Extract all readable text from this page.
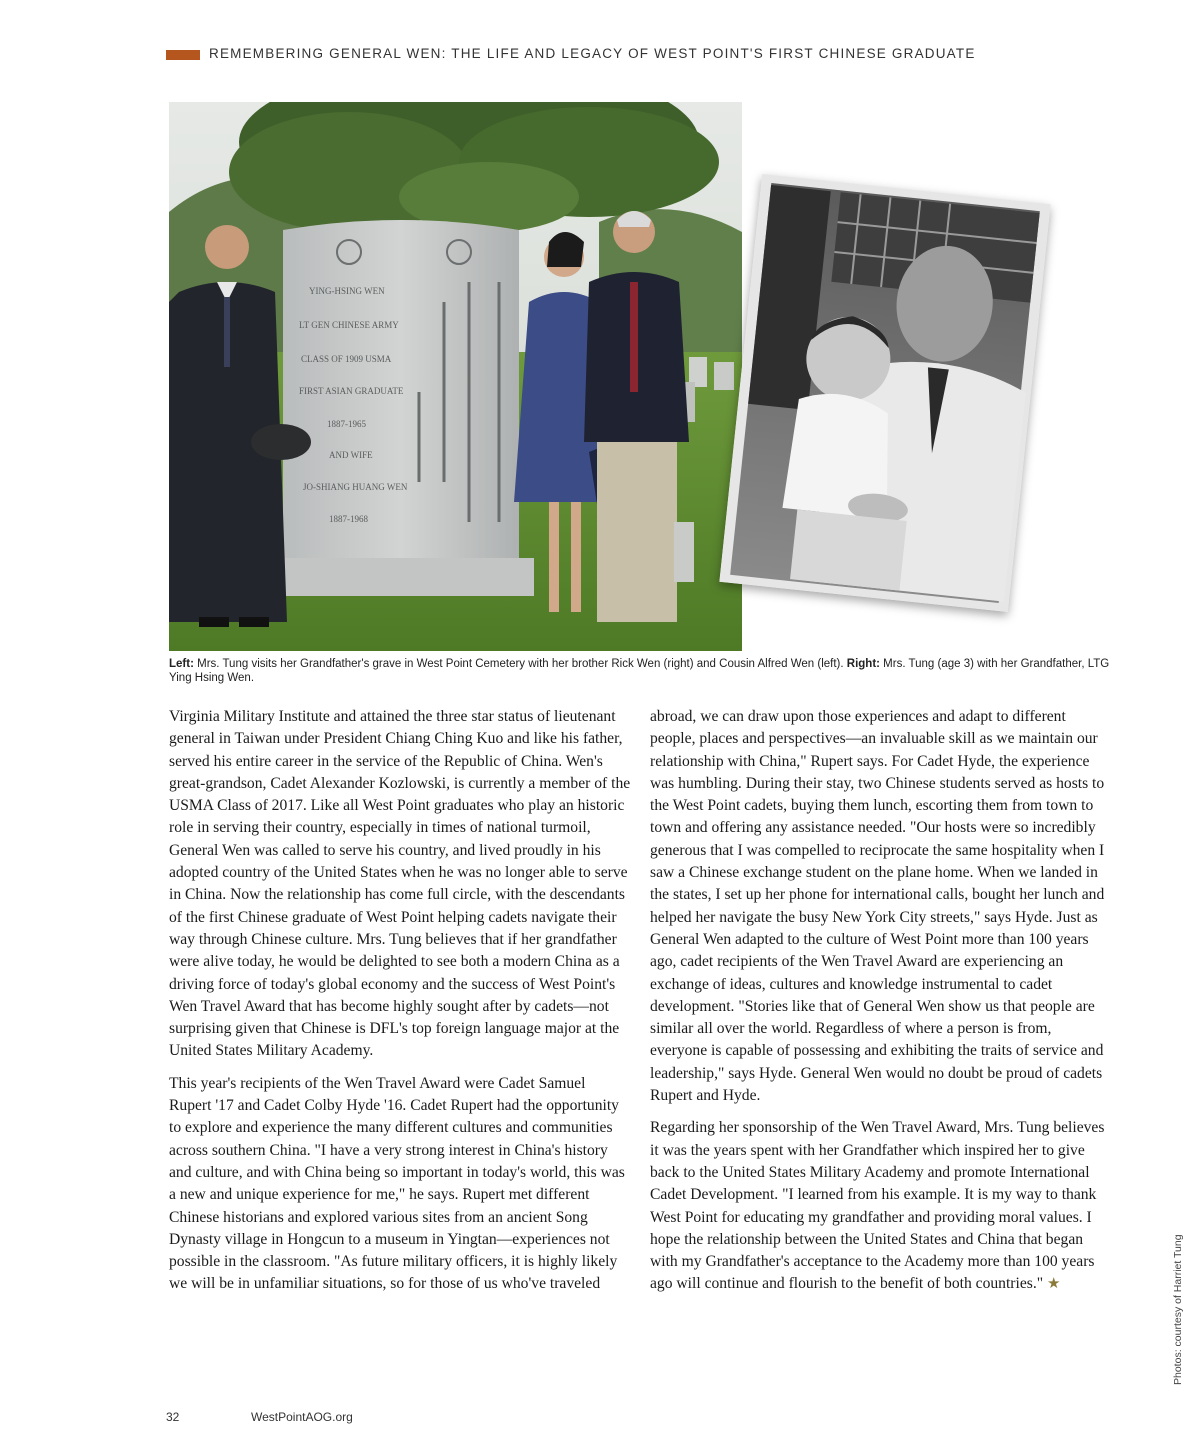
REMEMBERING GENERAL WEN: THE LIFE AND LEGACY OF WEST POINT'S FIRST CHINESE GRADUATE
YING-HSING WEN
LT GEN CHINESE ARMY
CLASS OF 1909 USMA
FIRST ASIAN GRADUATE
1887-1965
AND WIFE
JO-SHIANG HUANG WEN
1887-1968
Left: Mrs. Tung visits her Grandfather's grave in West Point Cemetery with her brother Rick Wen (right) and Cousin Alfred Wen (left). Right: Mrs. Tung (age 3) with her Grandfather, LTG Ying Hsing Wen.

Virginia Military Institute and attained the three star status of lieutenant general in Taiwan under President Chiang Ching Kuo and like his father, served his entire career in the service of the Republic of China. Wen's great-grandson, Cadet Alexander Kozlowski, is currently a member of the USMA Class of 2017. Like all West Point graduates who play an historic role in serving their country, especially in times of national turmoil, General Wen was called to serve his country, and lived proudly in his adopted country of the United States when he was no longer able to serve in China. Now the relationship has come full circle, with the descendants of the first Chinese graduate of West Point helping cadets navigate their way through Chinese culture. Mrs. Tung believes that if her grandfather were alive today, he would be delighted to see both a modern China as a driving force of today's global economy and the success of West Point's Wen Travel Award that has become highly sought after by cadets—not surprising given that Chinese is DFL's top foreign language major at the United States Military Academy.

This year's recipients of the Wen Travel Award were Cadet Samuel Rupert '17 and Cadet Colby Hyde '16. Cadet Rupert had the opportunity to explore and experience the many different cultures and communities across southern China. "I have a very strong interest in China's history and culture, and with China being so important in today's world, this was a new and unique experience for me," he says. Rupert met different Chinese historians and explored various sites from an ancient Song Dynasty village in Hongcun to a museum in Yingtan—experiences not possible in the classroom. "As future military officers, it is highly likely we will be in unfamiliar situations, so for those of us who've traveled

abroad, we can draw upon those experiences and adapt to different people, places and perspectives—an invaluable skill as we maintain our relationship with China," Rupert says. For Cadet Hyde, the experience was humbling. During their stay, two Chinese students served as hosts to the West Point cadets, buying them lunch, escorting them from town to town and offering any assistance needed. "Our hosts were so incredibly generous that I was compelled to reciprocate the same hospitality when I saw a Chinese exchange student on the plane home. When we landed in the states, I set up her phone for international calls, bought her lunch and helped her navigate the busy New York City streets," says Hyde. Just as General Wen adapted to the culture of West Point more than 100 years ago, cadet recipients of the Wen Travel Award are experiencing an exchange of ideas, cultures and knowledge instrumental to cadet development. "Stories like that of General Wen show us that people are similar all over the world. Regardless of where a person is from, everyone is capable of possessing and exhibiting the traits of service and leadership," says Hyde. General Wen would no doubt be proud of cadets Rupert and Hyde.

Regarding her sponsorship of the Wen Travel Award, Mrs. Tung believes it was the years spent with her Grandfather which inspired her to give back to the United States Military Academy and promote International Cadet Development. "I learned from his example. It is my way to thank West Point for educating my grandfather and providing moral values. I hope the relationship between the United States and China that began with my Grandfather's acceptance to the Academy more than 100 years ago will continue and flourish to the benefit of both countries." ★	Photos: courtesy of Harriet Tung
32	WestPointAOG.org
